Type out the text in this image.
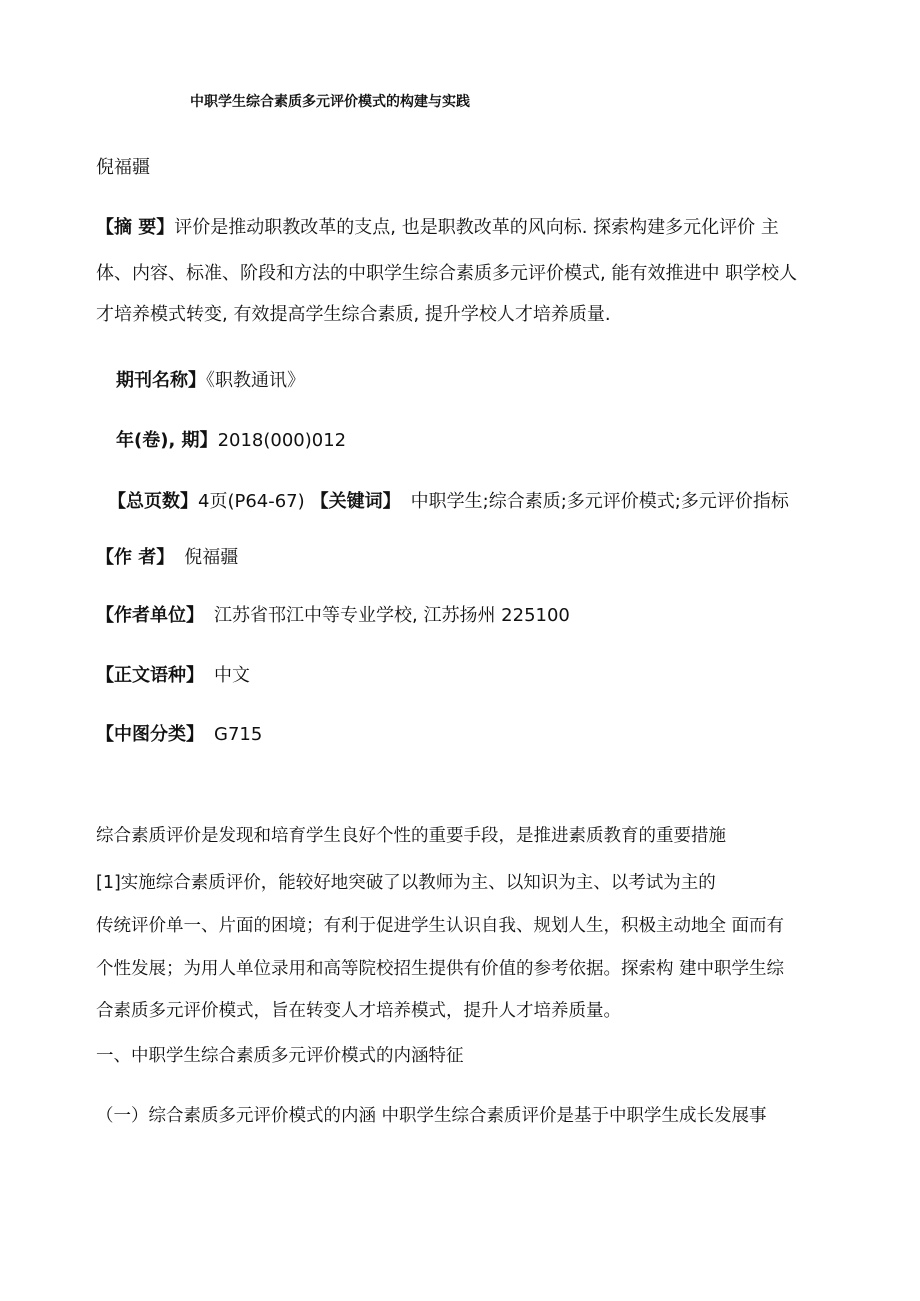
中职学生综合素质多元评价模式的构建与实践
倪福疆
【摘 要】评价是推动职教改革的支点, 也是职教改革的风向标. 探索构建多元化评价 主
体、内容、标准、阶段和方法的中职学生综合素质多元评价模式, 能有效推进中 职学校人
才培养模式转变, 有效提高学生综合素质, 提升学校人才培养质量.
期刊名称】《职教通讯》
年(卷), 期】2018(000)012
【总页数】4页(P64-67) 【关键词】 中职学生;综合素质;多元评价模式;多元评价指标
【作 者】 倪福疆
【作者单位】 江苏省邗江中等专业学校, 江苏扬州 225100
【正文语种】 中文
【中图分类】 G715
综合素质评价是发现和培育学生良好个性的重要手段，是推进素质教育的重要措施
[1]实施综合素质评价，能较好地突破了以教师为主、以知识为主、以考试为主的
传统评价单一、片面的困境；有利于促进学生认识自我、规划人生，积极主动地全 面而有
个性发展；为用人单位录用和高等院校招生提供有价值的参考依据。探索构 建中职学生综
合素质多元评价模式，旨在转变人才培养模式，提升人才培养质量。
一、中职学生综合素质多元评价模式的内涵特征
（一）综合素质多元评价模式的内涵 中职学生综合素质评价是基于中职学生成长发展事
